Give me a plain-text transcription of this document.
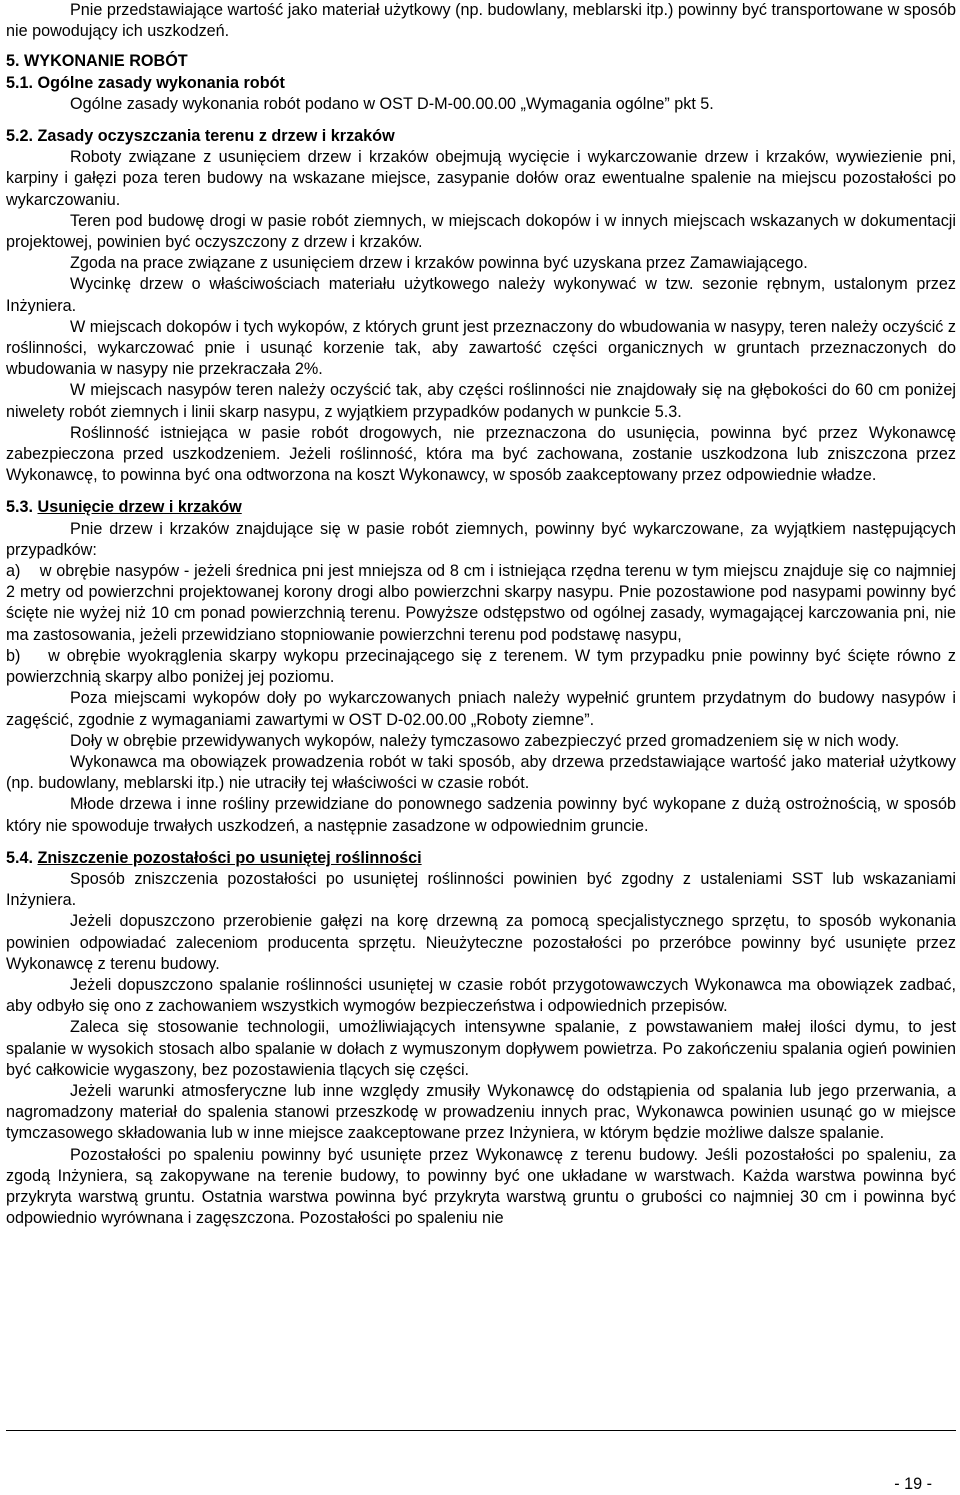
Pnie przedstawiające wartość jako materiał użytkowy (np. budowlany, meblarski itp.) powinny być transportowane w sposób nie powodujący ich uszkodzeń.

5. WYKONANIE ROBÓT

5.1. Ogólne zasady wykonania robót

Ogólne zasady wykonania robót podano w OST D-M-00.00.00 „Wymagania ogólne” pkt 5.

5.2. Zasady oczyszczania terenu z drzew i krzaków

Roboty związane z usunięciem drzew i krzaków obejmują wycięcie i wykarczowanie drzew i krzaków, wywiezienie pni, karpiny i gałęzi poza teren budowy na wskazane miejsce, zasypanie dołów oraz ewentualne spalenie na miejscu pozostałości po wykarczowaniu.

Teren pod budowę drogi w pasie robót ziemnych, w miejscach dokopów i w innych miejscach wskazanych w dokumentacji projektowej, powinien być oczyszczony z drzew i krzaków.

Zgoda na prace związane z usunięciem drzew i krzaków powinna być uzyskana przez Zamawiającego.

Wycinkę drzew o właściwościach materiału użytkowego należy wykonywać w tzw. sezonie rębnym, ustalonym przez Inżyniera.

W miejscach dokopów i tych wykopów, z których grunt jest przeznaczony do wbudowania w nasypy, teren należy oczyścić z roślinności, wykarczować pnie i usunąć korzenie tak, aby zawartość części organicznych w gruntach przeznaczonych do wbudowania w nasypy nie przekraczała 2%.

W miejscach nasypów teren należy oczyścić tak, aby części roślinności nie znajdowały się na głębokości do 60 cm poniżej niwelety robót ziemnych i linii skarp nasypu, z wyjątkiem przypadków podanych w punkcie 5.3.

Roślinność istniejąca w pasie robót drogowych, nie przeznaczona do usunięcia, powinna być przez Wykonawcę zabezpieczona przed uszkodzeniem. Jeżeli roślinność, która ma być zachowana, zostanie uszkodzona lub zniszczona przez Wykonawcę, to powinna być ona odtworzona na koszt Wykonawcy, w sposób zaakceptowany przez odpowiednie władze.

5.3. Usunięcie drzew i krzaków

Pnie drzew i krzaków znajdujące się w pasie robót ziemnych, powinny być wykarczowane, za wyjątkiem następujących przypadków:

a)    w obrębie nasypów - jeżeli średnica pni jest mniejsza od 8 cm i istniejąca rzędna terenu w tym miejscu znajduje się co najmniej 2 metry od powierzchni projektowanej korony drogi albo powierzchni skarpy nasypu. Pnie pozostawione pod nasypami powinny być ścięte nie wyżej niż 10 cm ponad powierzchnią terenu. Powyższe odstępstwo od ogólnej zasady, wymagającej karczowania pni, nie ma zastosowania, jeżeli przewidziano stopniowanie powierzchni terenu pod podstawę nasypu,

b)    w obrębie wyokrąglenia skarpy wykopu przecinającego się z terenem. W tym przypadku pnie powinny być ścięte równo z powierzchnią skarpy albo poniżej jej poziomu.

Poza miejscami wykopów doły po wykarczowanych pniach należy wypełnić gruntem przydatnym do budowy nasypów i zagęścić, zgodnie z wymaganiami zawartymi w OST D-02.00.00 „Roboty ziemne”.

Doły w obrębie przewidywanych wykopów, należy tymczasowo zabezpieczyć przed gromadzeniem się w nich wody.

Wykonawca ma obowiązek prowadzenia robót w taki sposób, aby drzewa przedstawiające wartość jako materiał użytkowy (np. budowlany, meblarski itp.) nie utraciły tej właściwości w czasie robót.

Młode drzewa i inne rośliny przewidziane do ponownego sadzenia powinny być wykopane z dużą ostrożnością, w sposób który nie spowoduje trwałych uszkodzeń, a następnie zasadzone w odpowiednim gruncie.

5.4. Zniszczenie pozostałości po usuniętej roślinności

Sposób zniszczenia pozostałości po usuniętej roślinności powinien być zgodny z ustaleniami SST lub wskazaniami Inżyniera.

Jeżeli dopuszczono przerobienie gałęzi na korę drzewną za pomocą specjalistycznego sprzętu, to sposób wykonania powinien odpowiadać zaleceniom producenta sprzętu. Nieużyteczne pozostałości po przeróbce powinny być usunięte przez Wykonawcę z terenu budowy.

Jeżeli dopuszczono spalanie roślinności usuniętej w czasie robót przygotowawczych Wykonawca ma obowiązek zadbać, aby odbyło się ono z zachowaniem wszystkich wymogów bezpieczeństwa i odpowiednich przepisów.

Zaleca się stosowanie technologii, umożliwiających intensywne spalanie, z powstawaniem małej ilości dymu, to jest spalanie w wysokich stosach albo spalanie w dołach z wymuszonym dopływem powietrza. Po zakończeniu spalania ogień powinien być całkowicie wygaszony, bez pozostawienia tlących się części.

Jeżeli warunki atmosferyczne lub inne względy zmusiły Wykonawcę do odstąpienia od spalania lub jego przerwania, a nagromadzony materiał do spalenia stanowi przeszkodę w prowadzeniu innych prac, Wykonawca powinien usunąć go w miejsce tymczasowego składowania lub w inne miejsce zaakceptowane przez Inżyniera, w którym będzie możliwe dalsze spalanie.

Pozostałości po spaleniu powinny być usunięte przez Wykonawcę z terenu budowy. Jeśli pozostałości po spaleniu, za zgodą Inżyniera, są zakopywane na terenie budowy, to powinny być one układane w warstwach. Każda warstwa powinna być przykryta warstwą gruntu. Ostatnia warstwa powinna być przykryta warstwą gruntu o grubości co najmniej 30 cm i powinna być odpowiednio wyrównana i zagęszczona. Pozostałości po spaleniu nie

- 19 -
